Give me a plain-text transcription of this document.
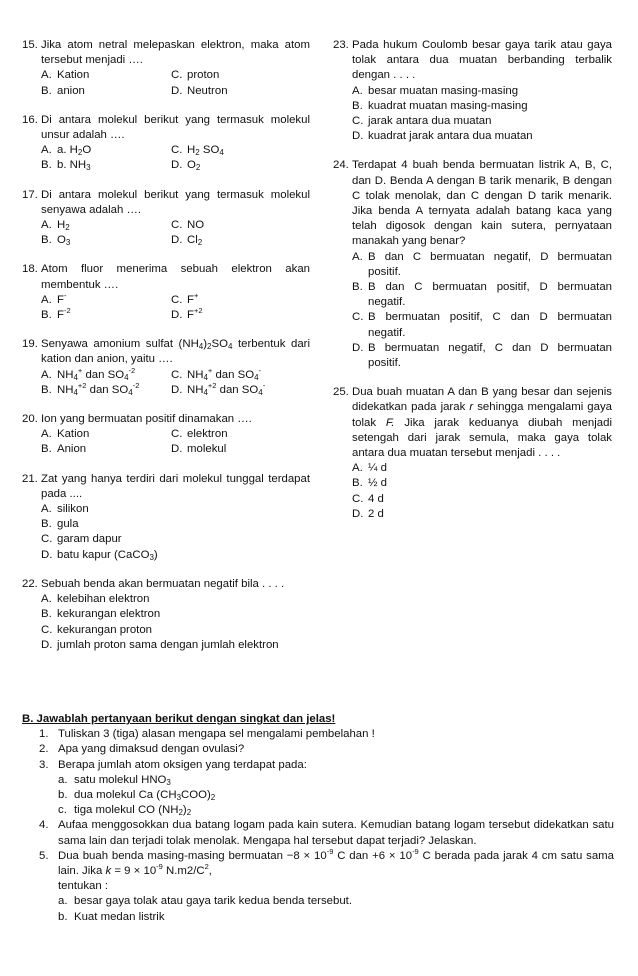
15. Jika atom netral melepaskan elektron, maka atom tersebut menjadi ….
A. Kation	C. proton
B. anion	D. Neutron
16. Di antara molekul berikut yang termasuk molekul unsur adalah ….
A. a. $H_2O$	C. $H_2$ $SO_4$
B. b. $NH_3$	D. $O_2$
17. Di antara molekul berikut yang termasuk molekul senyawa adalah ….
A. $H_2$	C. NO
B. $O_3$	D. $Cl_2$
18. Atom fluor menerima sebuah elektron akan membentuk ….
A. F-	C. F+
B. $F^{-2}$	D. $F^{+2}$
19. Senyawa amonium sulfat $(NH_4)_2SO_4$ terbentuk dari kation dan anion, yaitu ….
A. $NH_4^+$ dan $SO_4^{-2}$	C. $NH_4^+$ dan $SO_4^-$
B. $NH_4^{+2}$ dan $SO_4^{-2}$	D. $NH_4^{+2}$ dan $SO_4^-$
20. Ion yang bermuatan positif dinamakan ….
A. Kation	C. elektron
B. Anion	D. molekul
21. Zat yang hanya terdiri dari molekul tunggal terdapat pada ....
A. silikon
B. gula
C. garam dapur
D. batu kapur (CaCO$_3$)
22. Sebuah benda akan bermuatan negatif bila . . . .
A. kelebihan elektron
B. kekurangan elektron
C. kekurangan proton
D. jumlah proton sama dengan jumlah elektron
23. Pada hukum Coulomb besar gaya tarik atau gaya tolak antara dua muatan berbanding terbalik dengan . . . .
A. besar muatan masing-masing
B. kuadrat muatan masing-masing
C. jarak antara dua muatan
D. kuadrat jarak antara dua muatan
24. Terdapat 4 buah benda bermuatan listrik A, B, C, dan D. Benda A dengan B tarik menarik, B dengan C tolak menolak, dan C dengan D tarik menarik. Jika benda A ternyata adalah batang kaca yang telah digosok dengan kain sutera, pernyataan manakah yang benar?
A. B dan C bermuatan negatif, D bermuatan positif.
B. B dan C bermuatan positif, D bermuatan negatif.
C. B bermuatan positif, C dan D bermuatan negatif.
D. B bermuatan negatif, C dan D bermuatan positif.
25. Dua buah muatan A dan B yang besar dan sejenis didekatkan pada jarak r sehingga mengalami gaya tolak F. Jika jarak keduanya diubah menjadi setengah dari jarak semula, maka gaya tolak antara dua muatan tersebut menjadi . . . .
A. ¼ d
B. ½ d
C. 4 d
D. 2 d
B. Jawablah pertanyaan berikut dengan singkat dan jelas!
1. Tuliskan 3 (tiga) alasan mengapa sel mengalami pembelahan !
2. Apa yang dimaksud dengan ovulasi?
3. Berapa jumlah atom oksigen yang terdapat pada:
a. satu molekul $HNO_3$
b. dua molekul Ca $(CH_3COO)_2$
c. tiga molekul CO $(NH_2)_2$
4. Aufaa menggosokkan dua batang logam pada kain sutera. Kemudian batang logam tersebut didekatkan satu sama lain dan terjadi tolak menolak. Mengapa hal tersebut dapat terjadi? Jelaskan.
5. Dua buah benda masing-masing bermuatan $-8 \times 10^{-9}$ C dan $+6 \times 10^{-9}$ C berada pada jarak 4 cm satu sama lain. Jika $k = 9 \times 10^{-9}$ $N.m2/C^2$,
tentukan :
a. besar gaya tolak atau gaya tarik kedua benda tersebut.
b. Kuat medan listrik
